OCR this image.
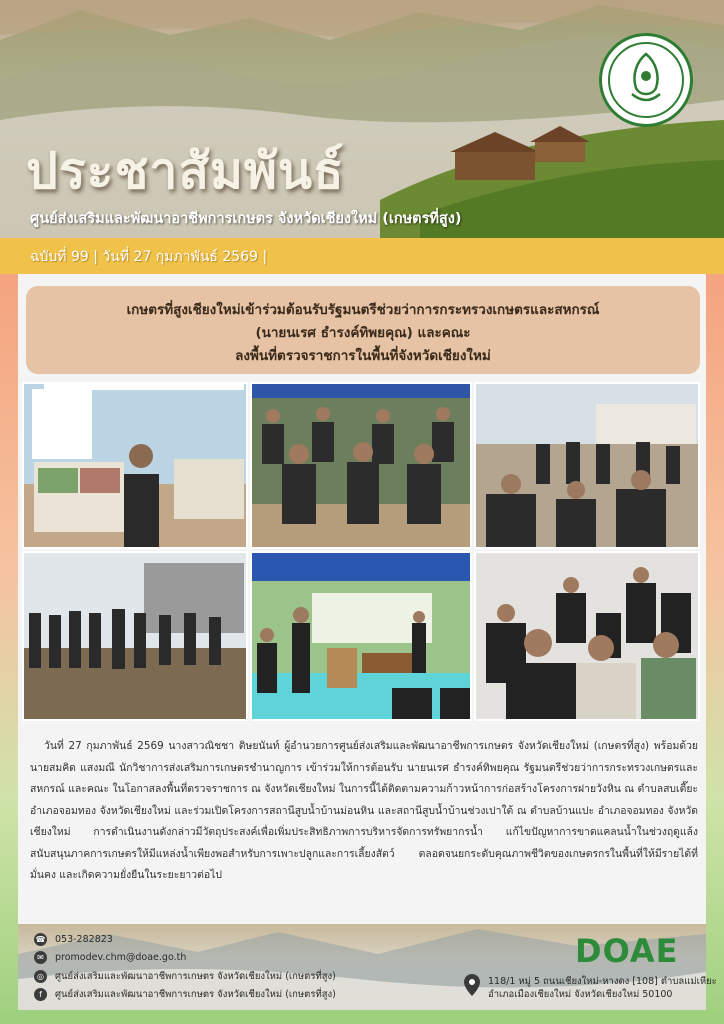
ประชาสัมพันธ์
ศูนย์ส่งเสริมและพัฒนาอาชีพการเกษตร จังหวัดเชียงใหม่ (เกษตรที่สูง)
ฉบับที่ 99 | วันที่ 27 กุมภาพันธ์ 2569 |
เกษตรที่สูงเชียงใหม่เข้าร่วมต้อนรับรัฐมนตรีช่วยว่าการกระทรวงเกษตรและสหกรณ์
(นายนเรศ ธำรงค์ทิพยคุณ) และคณะ
ลงพื้นที่ตรวจราชการในพื้นที่จังหวัดเชียงใหม่
วันที่ 27 กุมภาพันธ์ 2569 นางสาวณิชชา ติษยนันท์ ผู้อำนวยการศูนย์ส่งเสริมและพัฒนาอาชีพการเกษตร จังหวัดเชียงใหม่ (เกษตรที่สูง) พร้อมด้วยนายสมคิด แสงมณี นักวิชาการส่งเสริมการเกษตรชำนาญการ เข้าร่วมให้การต้อนรับ นายนเรศ ธำรงค์ทิพยคุณ รัฐมนตรีช่วยว่าการกระทรวงเกษตรและสหกรณ์ และคณะ ในโอกาสลงพื้นที่ตรวจราชการ ณ จังหวัดเชียงใหม่ ในการนี้ได้ติดตามความก้าวหน้าการก่อสร้างโครงการฝายวังหิน ณ ตำบลสบเตี๊ยะ อำเภอจอมทอง จังหวัดเชียงใหม่ และร่วมเปิดโครงการสถานีสูบน้ำบ้านม่อนหิน และสถานีสูบน้ำบ้านช่วงเปาใต้ ณ ตำบลบ้านแปะ อำเภอจอมทอง จังหวัดเชียงใหม่ การดำเนินงานดังกล่าวมีวัตถุประสงค์เพื่อเพิ่มประสิทธิภาพการบริหารจัดการทรัพยากรน้ำ แก้ไขปัญหาการขาดแคลนน้ำในช่วงฤดูแล้ง สนับสนุนภาคการเกษตรให้มีแหล่งน้ำเพียงพอสำหรับการเพาะปลูกและการเลี้ยงสัตว์ ตลอดจนยกระดับคุณภาพชีวิตของเกษตรกรในพื้นที่ให้มีรายได้ที่มั่นคง และเกิดความยั่งยืนในระยะยาวต่อไป
☎ 053-282823
✉	promodev.chm@doae.go.th
◎	ศูนย์ส่งเสริมและพัฒนาอาชีพการเกษตร จังหวัดเชียงใหม่ (เกษตรที่สูง)
f	ศูนย์ส่งเสริมและพัฒนาอาชีพการเกษตร จังหวัดเชียงใหม่ (เกษตรที่สูง)
DOAE
118/1 หมู่ 5 ถนนเชียงใหม่-หางดง [108] ตำบลแม่เหียะ
อำเภอเมืองเชียงใหม่ จังหวัดเชียงใหม่ 50100
